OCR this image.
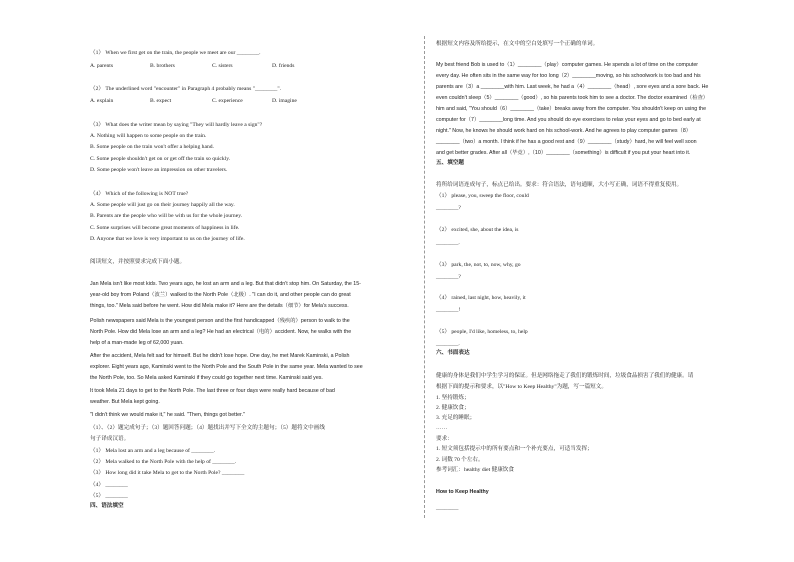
（1） When we first get on the train, the people we meet are our ________.
A. parents	B. brothers	C. sisters	D. friends
（2） The underlined word "encounter" in Paragraph 4 probably means "________".
A. explain	B. expect	C. experience	D. imagine
（3） What does the writer mean by saying "They will hardly leave a sign"?
A. Nothing will happen to some people on the train.
B. Some people on the train won't offer a helping hand.
C. Some people shouldn't get on or get off the train so quickly.
D. Some people won't leave an impression on other travelers.
（4） Which of the following is NOT true?
A. Some people will just go on their journey happily all the way.
B. Parents are the people who will be with us for the whole journey.
C. Some surprises will become great moments of happiness in life.
D. Anyone that we love is very important to us on the journey of life.
阅读短文，并按照要求完成下面小题。
Jan Mela isn't like most kids. Two years ago, he lost an arm and a leg. But that didn't stop him. On Saturday, the 15-
year-old boy from Poland（波兰）walked to the North Pole（北极）. "I can do it, and other people can do great
things, too." Mela said before he went. How did Mela make it? Here are the details（细节）for Mela's success.
Polish newspapers said Mela is the youngest person and the first handicapped（残疾的）person to walk to the
North Pole. How did Mela lose an arm and a leg? He had an electrical（电的）accident. Now, he walks with the
help of a man-made leg of 62,000 yuan.
After the accident, Mela felt sad for himself. But he didn't lose hope. One day, he met Marek Kaminski, a Polish
explorer. Eight years ago, Kaminski went to the North Pole and the South Pole in the same year. Mela wanted to see
the North Pole, too. So Mela asked Kaminski if they could go together next time. Kaminski said yes.
It took Mela 21 days to get to the North Pole. The last three or four days were really hard because of bad
weather. But Mela kept going.
"I didn't think we would make it," he said. "Then, things got better."
（1）、（2）题完成句子；（3）题回答问题；（4）题找出并写下全文的主题句；（5）题将文中画线
句子译成汉语。
（1） Mela lost an arm and a leg because of ________.
（2） Mela walked to the North Pole with the help of ________.
（3） How long did it take Mela to get to the North Pole? ________
（4） ________
（5） ________
四、语法填空
根据短文内容及所给提示，在文中的空白处填写一个正确的单词。
My best friend Bob is used to（1）________（play）computer games. He spends a lot of time on the computer
every day. He often sits in the same way for too long（2）________moving, so his schoolwork is too bad and his
parents are（3）a ________with him. Last week, he had a（4）________（head）, sore eyes and a sore back. He
even couldn't sleep（5）________（good）, so his parents took him to see a doctor. The doctor examined（检查）
him and said, "You should（6）________（take）breaks away from the computer. You shouldn't keep on using the
computer for（7）________long time. And you should do eye exercises to relax your eyes and go to bed early at
night." Now, he knows he should work hard on his school-work. And he agrees to play computer games（8）
________（two）a month. I think if he has a good rest and（9）________（study）hard, he will feel well soon
and get better grades. After all（毕竟）,（10）________（something）is difficult if you put your heart into it.
五、填空题
将所给词语连成句子，标点已给出。要求：符合语法，语句通顺，大小写正确，词语不得重复使用。
（1） please, you, sweep the floor, could
________?
（2） excited, she, about the idea, is
________.
（3） park, the, not, to, now, why, go
________?
（4） rained, last night, how, heavily, it
________!
（5） people, I'd like, homeless, to, help
________.
六、书面表达
健康的身体是我们中学生学习的保证。但是网络拖走了我们的锻炼时间，垃圾食品损害了我们的健康。请
根据下面的提示和要求，以"How to Keep Healthy"为题，写一篇短文。
1. 坚持锻炼；
2. 健康饮食；
3. 充足的睡眠；
……
要求：
1. 短文须包括提示中的所有要点和一个补充要点，可适当发挥；
2. 词数 70 个左右。
参考词汇：healthy diet 健康饮食
How to Keep Healthy
________
